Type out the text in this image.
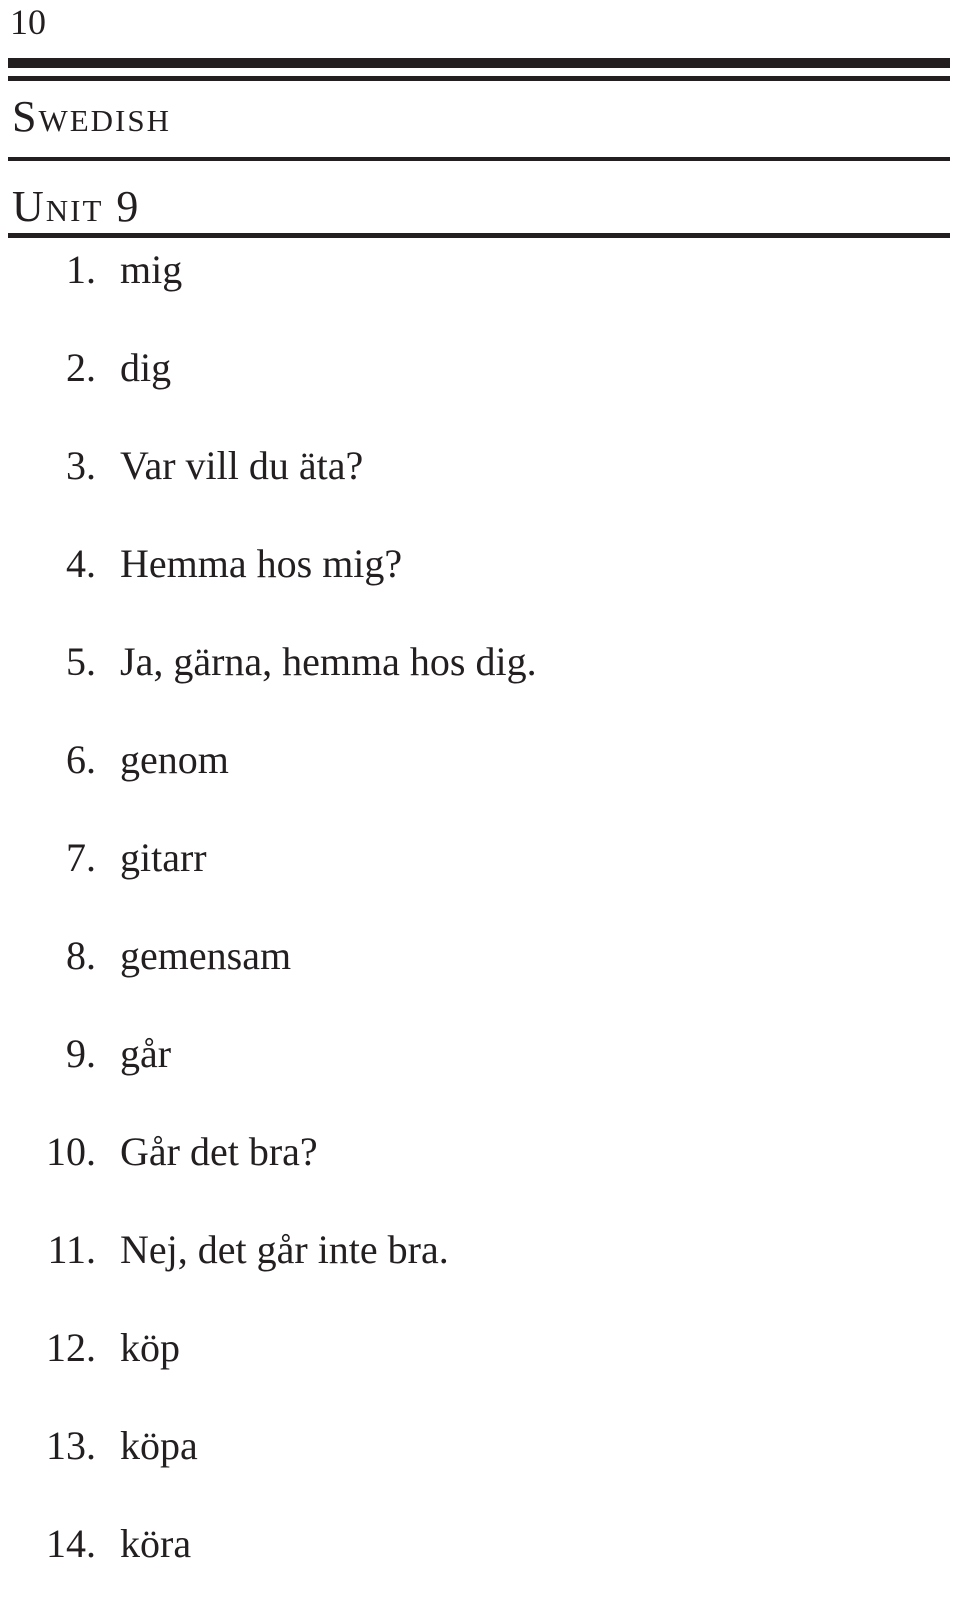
10
Swedish
Unit 9
1. mig
2. dig
3. Var vill du äta?
4. Hemma hos mig?
5. Ja, gärna, hemma hos dig.
6. genom
7. gitarr
8. gemensam
9. går
10. Går det bra?
11. Nej, det går inte bra.
12. köp
13. köpa
14. köra
